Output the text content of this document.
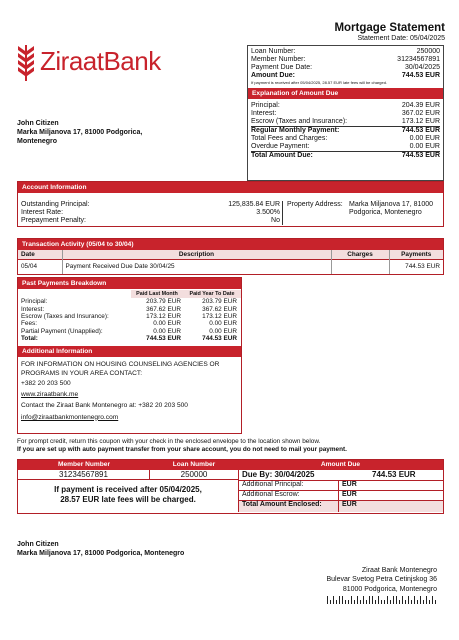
ZiraatBank
Mortgage Statement
Statement Date: 05/04/2025
Loan Number:	250000
Member Number:	31234567891
Payment Due Date:	30/04/2025
Amount Due:	744.53 EUR
If payment is received after 05/04/2025, 28.57 EUR late fees will be charged.
Explanation of Amount Due
Principal:	204.39 EUR
Interest:	367.02 EUR
Escrow (Taxes and Insurance):	173.12 EUR
Regular Monthly Payment:	744.53 EUR
Total Fees and Charges:	0.00 EUR
Overdue Payment:	0.00 EUR
Total Amount Due:	744.53 EUR
John Citizen
Marka Miljanova 17, 81000 Podgorica,
Montenegro
Account Information
Outstanding Principal:	125,835.84 EUR
Interest Rate:	3.500%
Prepayment Penalty:	No
Property Address: Marka Miljanova 17, 81000
Podgorica, Montenegro
Transaction Activity (05/04 to 30/04)
Date	Description	Charges	Payments
05/04	Payment Received Due Date 30/04/25		744.53 EUR
Past Payments Breakdown
	Paid Last Month	Paid Year To Date
Principal:	203.79 EUR	203.79 EUR
Interest:	367.62 EUR	367.62 EUR
Escrow (Taxes and Insurance):	173.12 EUR	173.12 EUR
Fees:	0.00 EUR	0.00 EUR
Partial Payment (Unapplied):	0.00 EUR	0.00 EUR
Total:	744.53 EUR	744.53 EUR
Additional Information
FOR INFORMATION ON HOUSING COUNSELING AGENCIES OR
PROGRAMS IN YOUR AREA CONTACT:
+382 20 203 500
www.ziraatbank.me
Contact the Ziraat Bank Montenegro at: +382 20 203 500
info@ziraatbankmontenegro.com
For prompt credit, return this coupon with your check in the enclosed envelope to the location shown below.
If you are set up with auto payment transfer from your share account, you do not need to mail your payment.
Member Number	Loan Number	Amount Due
31234567891	250000
If payment is received after 05/04/2025,
28.57 EUR late fees will be charged.
Due By: 30/04/2025	744.53 EUR
Additional Principal:	EUR
Additional Escrow:	EUR
Total Amount Enclosed:	EUR
John Citizen
Marka Miljanova 17, 81000 Podgorica, Montenegro
Ziraat Bank Montenegro
Bulevar Svetog Petra Cetinjskog 36
81000 Podgorica, Montenegro
